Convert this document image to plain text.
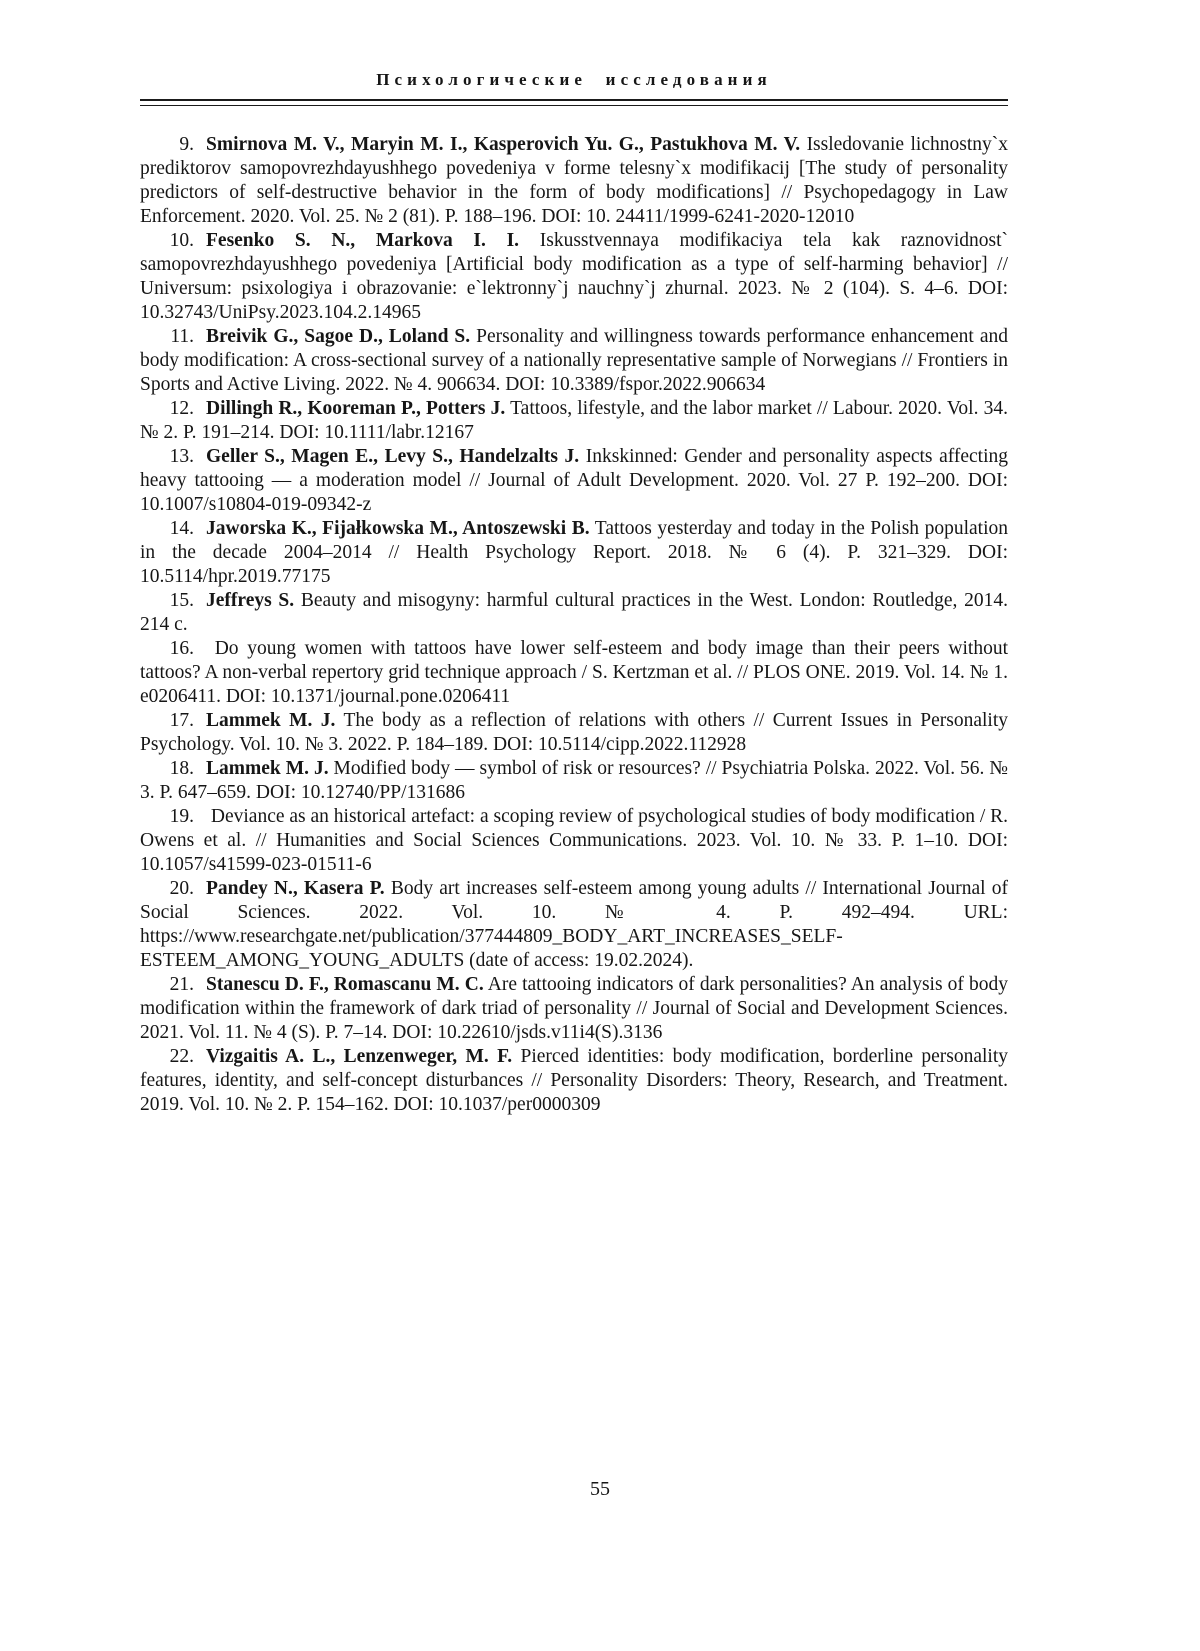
Психологические исследования

9. Smirnova M. V., Maryin M. I., Kasperovich Yu. G., Pastukhova M. V. Issledovanie lichnostny`x prediktorov samopovrezhdayushhego povedeniya v forme telesny`x modifikacij [The study of personality predictors of self-destructive behavior in the form of body modifications] // Psychopedagogy in Law Enforcement. 2020. Vol. 25. № 2 (81). P. 188–196. DOI: 10. 24411/1999-6241-2020-12010

10. Fesenko S. N., Markova I. I. Iskusstvennaya modifikaciya tela kak raznovidnost` samopovrezhdayushhego povedeniya [Artificial body modification as a type of self-harming behavior] // Universum: psixologiya i obrazovanie: e`lektronny`j nauchny`j zhurnal. 2023. № 2 (104). S. 4–6. DOI: 10.32743/UniPsy.2023.104.2.14965

11. Breivik G., Sagoe D., Loland S. Personality and willingness towards performance enhancement and body modification: A cross-sectional survey of a nationally representative sample of Norwegians // Frontiers in Sports and Active Living. 2022. № 4. 906634. DOI: 10.3389/fspor.2022.906634

12. Dillingh R., Kooreman P., Potters J. Tattoos, lifestyle, and the labor market // Labour. 2020. Vol. 34. № 2. P. 191–214. DOI: 10.1111/labr.12167

13. Geller S., Magen E., Levy S., Handelzalts J. Inkskinned: Gender and personality aspects affecting heavy tattooing — a moderation model // Journal of Adult Development. 2020. Vol. 27 P. 192–200. DOI: 10.1007/s10804-019-09342-z

14. Jaworska K., Fijałkowska M., Antoszewski B. Tattoos yesterday and today in the Polish population in the decade 2004–2014 // Health Psychology Report. 2018. № 6 (4). P. 321–329. DOI: 10.5114/hpr.2019.77175

15. Jeffreys S. Beauty and misogyny: harmful cultural practices in the West. London: Routledge, 2014. 214 c.

16. Do young women with tattoos have lower self-esteem and body image than their peers without tattoos? A non-verbal repertory grid technique approach / S. Kertzman et al. // PLOS ONE. 2019. Vol. 14. № 1. e0206411. DOI: 10.1371/journal.pone.0206411

17. Lammek M. J. The body as a reflection of relations with others // Current Issues in Personality Psychology. Vol. 10. № 3. 2022. P. 184–189. DOI: 10.5114/cipp.2022.112928

18. Lammek M. J. Modified body — symbol of risk or resources? // Psychiatria Polska. 2022. Vol. 56. № 3. P. 647–659. DOI: 10.12740/PP/131686

19. Deviance as an historical artefact: a scoping review of psychological studies of body modification / R. Owens et al. // Humanities and Social Sciences Communications. 2023. Vol. 10. № 33. P. 1–10. DOI: 10.1057/s41599-023-01511-6

20. Pandey N., Kasera P. Body art increases self-esteem among young adults // International Journal of Social Sciences. 2022. Vol. 10. № 4. P. 492–494. URL: https://www.researchgate.net/publication/377444809_BODY_ART_INCREASES_SELF-ESTEEM_AMONG_YOUNG_ADULTS (date of access: 19.02.2024).

21. Stanescu D. F., Romascanu M. C. Are tattooing indicators of dark personalities? An analysis of body modification within the framework of dark triad of personality // Journal of Social and Development Sciences. 2021. Vol. 11. № 4 (S). P. 7–14. DOI: 10.22610/jsds.v11i4(S).3136

22. Vizgaitis A. L., Lenzenweger, M. F. Pierced identities: body modification, borderline personality features, identity, and self-concept disturbances // Personality Disorders: Theory, Research, and Treatment. 2019. Vol. 10. № 2. P. 154–162. DOI: 10.1037/per0000309

55
